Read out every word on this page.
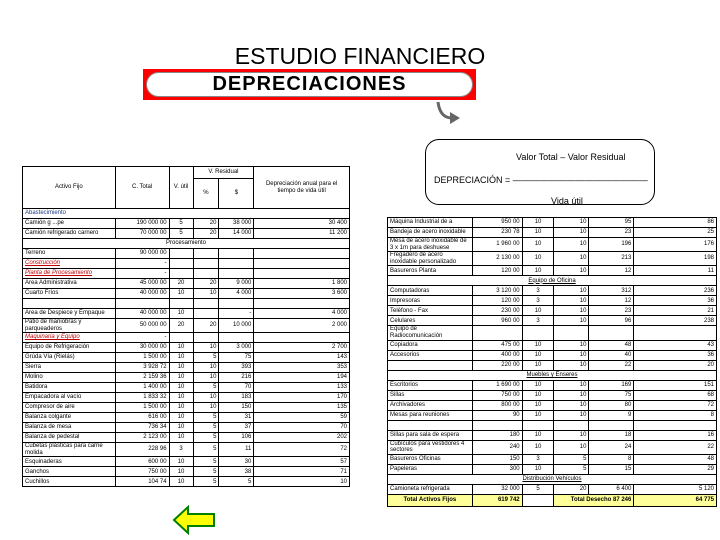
ESTUDIO FINANCIERO
DEPRECIACIONES
Valor Total – Valor Residual
DEPRECIACIÓN = ———————————————
Vida útil
Activo Fijo	C. Total	V. útil	V. Residual		Depreciación anual para el tiempo de vida útil
			%	$	
Abastecimiento					
Camión g ...pe	190 000 00	5	20	38 000	30 400
Camión refrigerado carnero	70 000 00	5	20	14 000	11 200
Procesamiento					
Terreno	90 000 00				
Construcción	-				
Planta de Procesamiento	-				
Area Administrativa	45 000 00	20	20	9 000	1 800
Cuarto Fríos	40 000 00	10	10	4 000	3 600

Area de Despiece y Empaque	40 000 00	10		-	4 000
Patio de maniobras y parqueaderos	50 000 00	20	20	10 000	2 000
Maquinaria y Equipo	-				
Equipo de Refrigeración	30 000 00	10	10	3 000	2 700
Grúda Vía (Rielás)	1 500 00	10	5	75	143
Sierra	3 928 72	10	10	393	353
Molino	2 159 36	10	10	216	194
Batidora	1 400 00	10	5	70	133
Empacadora al vacío	1 833 32	10	10	183	170
Compresor de aire	1 500 00	10	10	150	135
Balanza colgante	616 00	10	5	31	59
Balanza de mesa	736 34	10	5	37	70
Balanza de pedestal	2 123 00	10	5	106	202
Cubetas plásticas para carne molida	228 96	3	5	11	72
Esquinaderas	600 00	10	5	30	57
Ganchos	750 00	10	5	38	71
Cuchillos	104 74	10	5	5	10
Máquina Industrial de a	950 00	10	10	95	86
Bandeja de acero inoxidable	230 78	10	10	23	25
Mesa de acero inoxidable de 3 x 1m para deshuese	1 960 00	10	10	196	176
Fregadero de acero inoxidable personalizado	2 130 00	10	10	213	198
Basureros Planta	120 00	10	10	12	11
Equipo de Oficina					
Computadoras	3 120 00	3	10	312	236
Impresoras	120 00	3	10	12	36
Teléfono - Fax	230 00	10	10	23	21
Celulares	960 00	3	10	96	238
Equipo de Radiocomunicación					
Copiadora	475 00	10	10	48	43
Accesorios	400 00	10	10	40	36
	220 00	10	10	22	20
Muebles y Enseres					
Escritorios	1 690 00	10	10	169	151
Sillas	750 00	10	10	75	68
Archivadores	800 00	10	10	80	72
Mesas para reuniones	90	10	10	9	8

Sillas para sala de espera	180	10	10	18	16
Cubículos para vestidores 4 sectores	240	10	10	24	22
Basureros Oficinas	150	3	5	8	48
Papeleras	300	10	5	15	29
Distribución Vehículos					
Camioneta refrigerada	32 000	5	20	6 400	5 120
Total Activos Fijos	619 742		Total Desecho 87 246		64 775
